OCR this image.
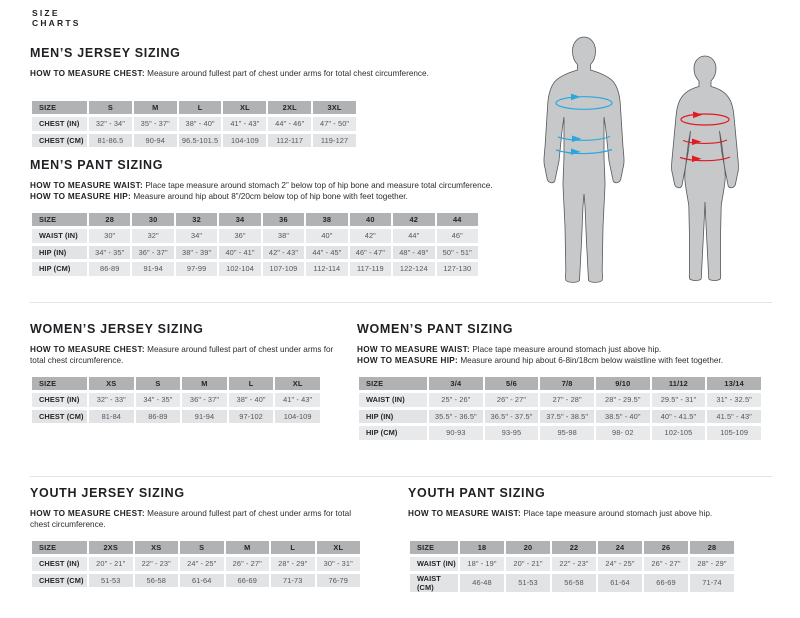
SIZE
CHARTS
MEN’S JERSEY SIZING

HOW TO MEASURE CHEST: Measure around fullest part of chest under arms for total chest circumference.

SIZE	S	M	L	XL	2XL	3XL
CHEST (IN)	32" - 34"	35" - 37"	38" - 40"	41" - 43"	44" - 46"	47" - 50"
CHEST (CM)	81-86.5	90-94	96.5-101.5	104-109	112-117	119-127
MEN’S PANT SIZING

HOW TO MEASURE WAIST: Place tape measure around stomach 2” below top of hip bone and measure total circumference.

HOW TO MEASURE HIP: Measure around hip about 8”/20cm below top of hip bone with feet together.

SIZE	28	30	32	34	36	38	40	42	44
WAIST (IN)	30"	32"	34"	36"	38"	40"	42"	44"	46"
HIP (IN)	34" - 35"	36" - 37"	38" - 39"	40" - 41"	42" - 43"	44" - 45"	46" - 47"	48" - 49"	50" - 51"
HIP (CM)	86-89	91-94	97-99	102-104	107-109	112-114	117-119	122-124	127-130
WOMEN’S JERSEY SIZING

HOW TO MEASURE CHEST: Measure around fullest part of chest under arms for total chest circumference.

SIZE	XS	S	M	L	XL
CHEST (IN)	32" - 33"	34" - 35"	36" - 37"	38" - 40"	41" - 43"
CHEST (CM)	81-84	86-89	91-94	97-102	104-109
WOMEN’S PANT SIZING

HOW TO MEASURE WAIST: Place tape measure around stomach just above hip.

HOW TO MEASURE HIP: Measure around hip about 6-8in/18cm below waistline with feet together.

SIZE	3/4	5/6	7/8	9/10	11/12	13/14
WAIST (IN)	25" - 26"	26" - 27"	27" - 28"	28" - 29.5"	29.5" - 31"	31" - 32.5"
HIP (IN)	35.5" - 36.5"	36.5" - 37.5"	37.5" - 38.5"	38.5" - 40"	40" - 41.5"	41.5" - 43"
HIP (CM)	90-93	93-95	95-98	98- 02	102-105	105-109
YOUTH JERSEY SIZING

HOW TO MEASURE CHEST: Measure around fullest part of chest under arms for total chest circumference.

SIZE	2XS	XS	S	M	L	XL
CHEST (IN)	20" - 21"	22" - 23"	24" - 25"	26" - 27"	28" - 29"	30" - 31"
CHEST (CM)	51-53	56-58	61-64	66-69	71-73	76-79
YOUTH PANT SIZING

HOW TO MEASURE WAIST: Place tape measure around stomach just above hip.

SIZE	18	20	22	24	26	28
WAIST (IN)	18" - 19"	20" - 21"	22" - 23"	24" - 25"	26" - 27"	28" - 29"
WAIST (CM)	46-48	51-53	56-58	61-64	66-69	71-74
